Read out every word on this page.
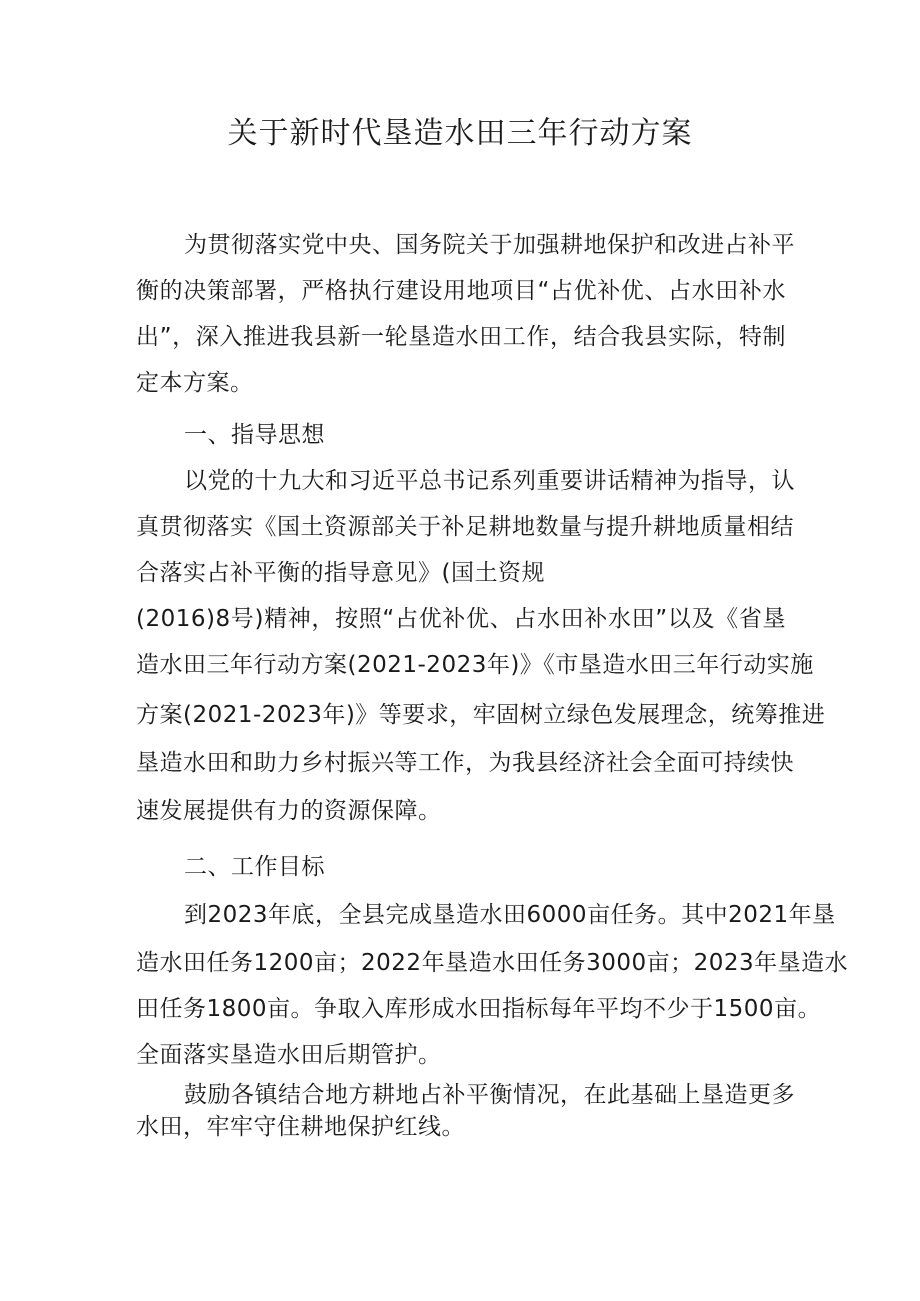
关于新时代垦造水田三年行动方案
为贯彻落实党中央、国务院关于加强耕地保护和改进占补平
衡的决策部署，严格执行建设用地项目“占优补优、占水田补水
出”，深入推进我县新一轮垦造水田工作，结合我县实际，特制
定本方案。
一、指导思想
以党的十九大和习近平总书记系列重要讲话精神为指导，认
真贯彻落实《国土资源部关于补足耕地数量与提升耕地质量相结
合落实占补平衡的指导意见》(国土资规
(2016)8号)精神，按照“占优补优、占水田补水田”以及《省垦
造水田三年行动方案(2021-2023年)》《市垦造水田三年行动实施
方案(2021-2023年)》等要求，牢固树立绿色发展理念，统筹推进
垦造水田和助力乡村振兴等工作，为我县经济社会全面可持续快
速发展提供有力的资源保障。
二、工作目标
到2023年底，全县完成垦造水田6000亩任务。其中2021年垦
造水田任务1200亩；2022年垦造水田任务3000亩；2023年垦造水
田任务1800亩。争取入库形成水田指标每年平均不少于1500亩。
全面落实垦造水田后期管护。
鼓励各镇结合地方耕地占补平衡情况，在此基础上垦造更多
水田，牢牢守住耕地保护红线。
